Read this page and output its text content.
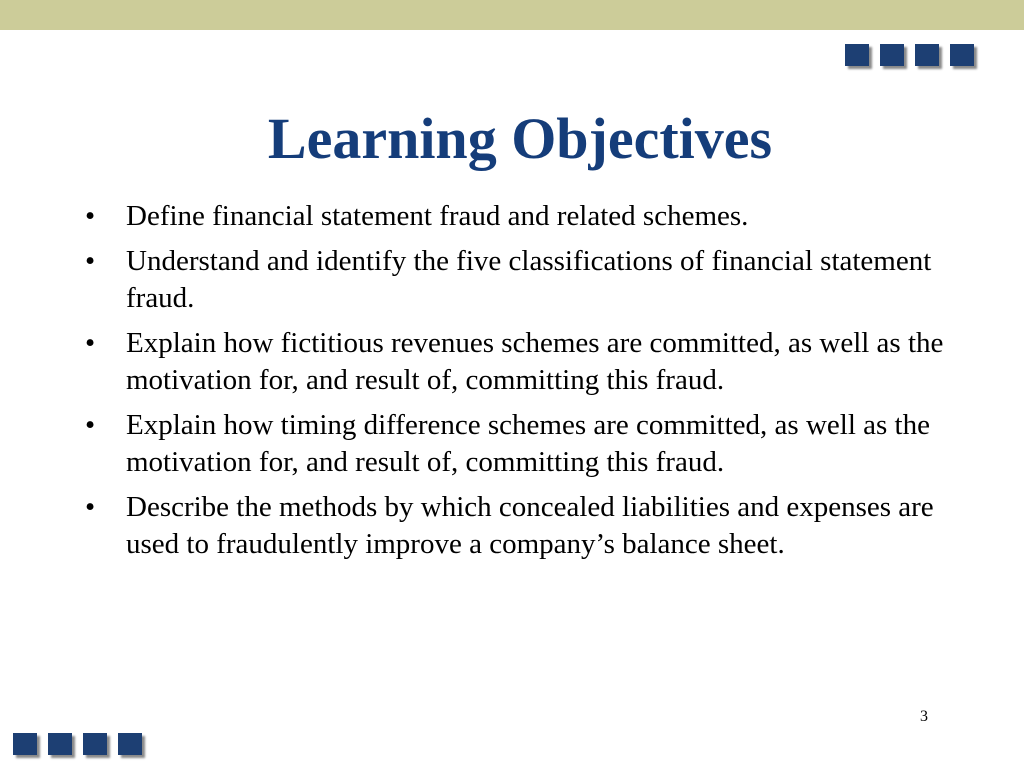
Learning Objectives
• Define financial statement fraud and related schemes.
• Understand and identify the five classifications of financial statement fraud.
• Explain how fictitious revenues schemes are committed, as well as the motivation for, and result of, committing this fraud.
• Explain how timing difference schemes are committed, as well as the motivation for, and result of, committing this fraud.
• Describe the methods by which concealed liabilities and expenses are used to fraudulently improve a company’s balance sheet.
3
